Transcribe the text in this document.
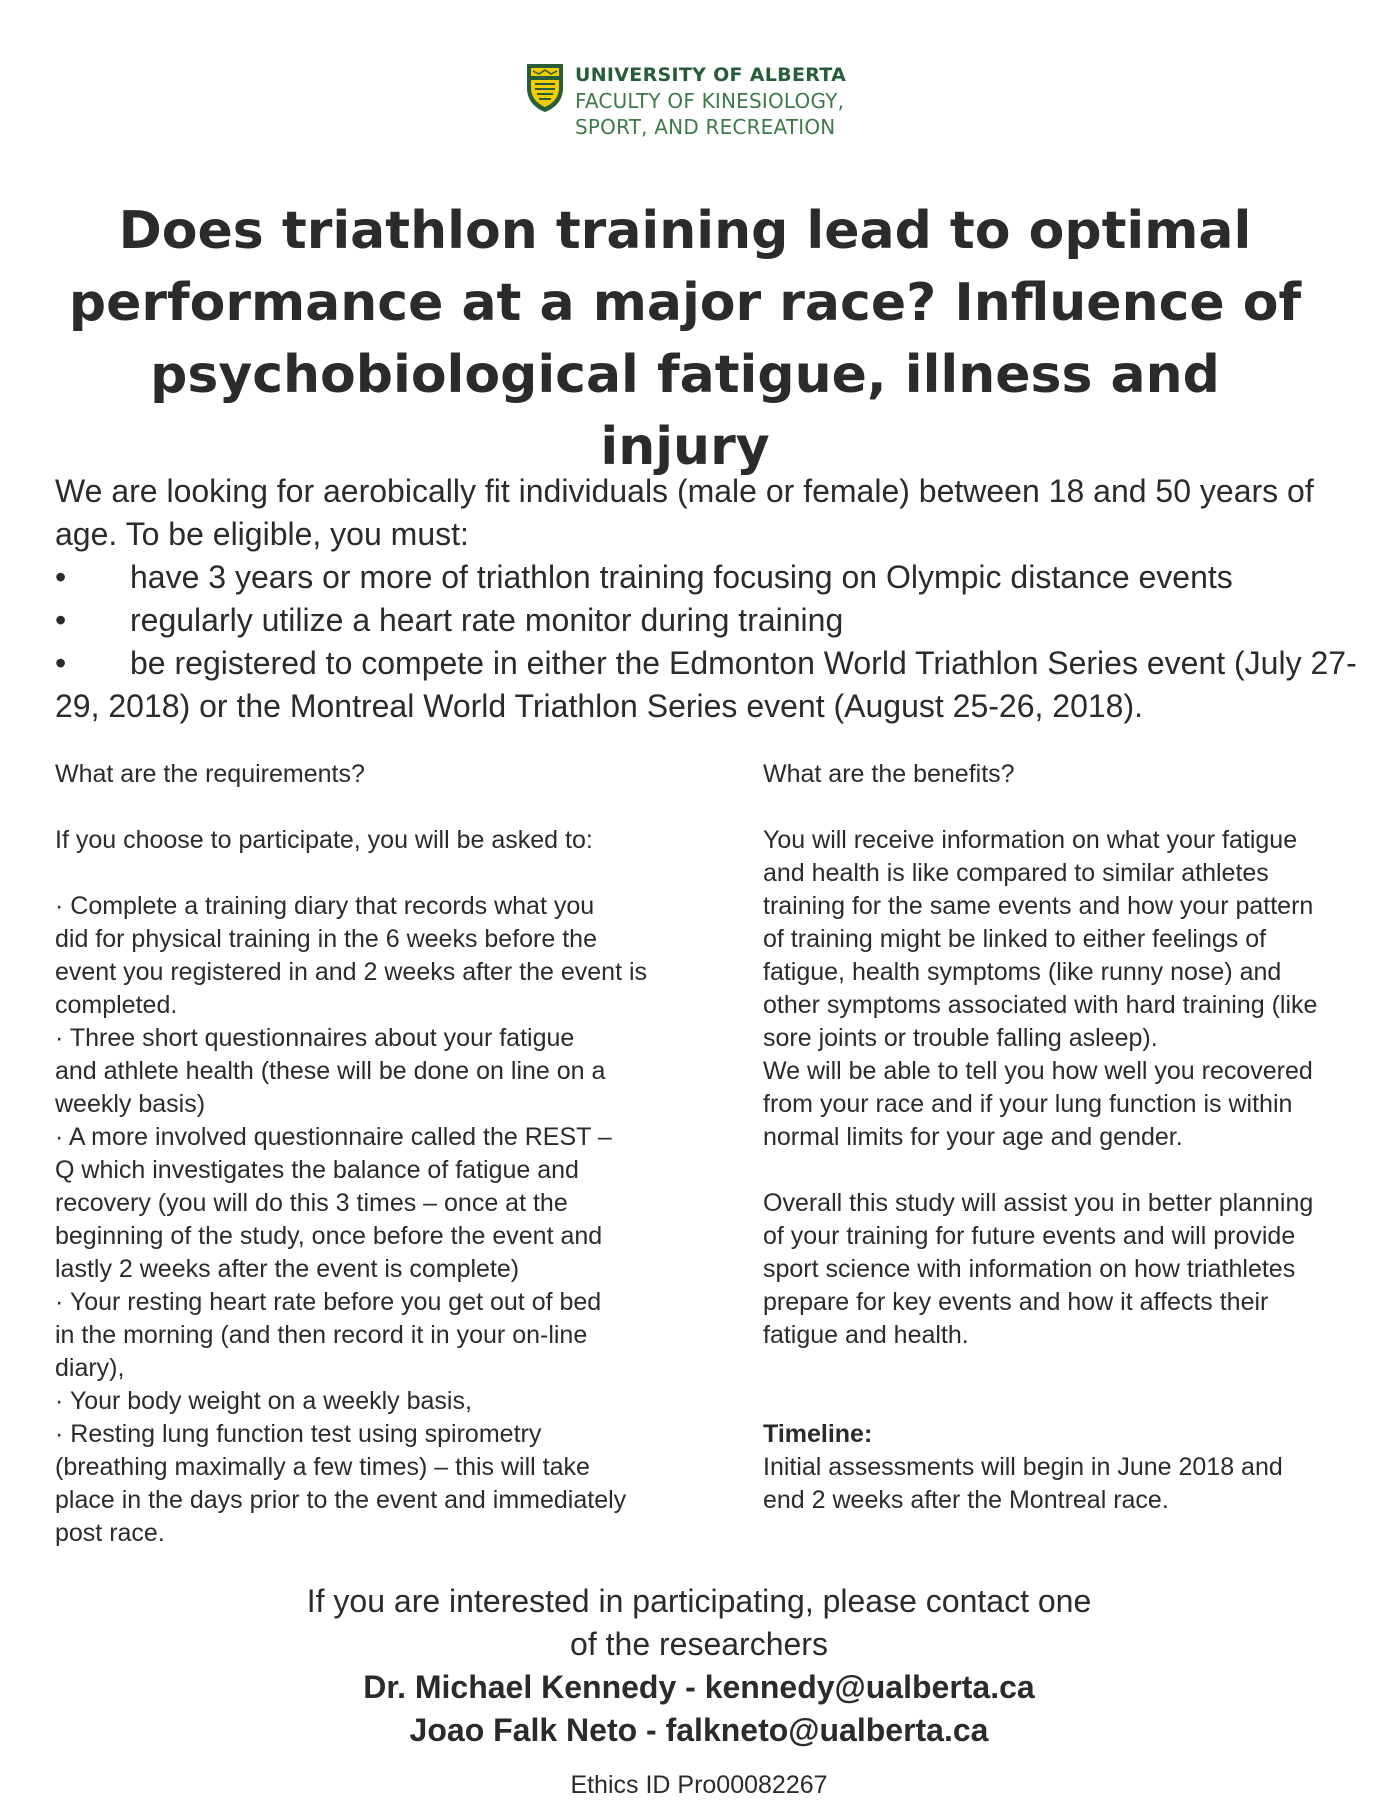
UNIVERSITY OF ALBERTA
FACULTY OF KINESIOLOGY,
SPORT, AND RECREATION
Does triathlon training lead to optimal
performance at a major race? Influence of
psychobiological fatigue, illness and injury
We are looking for aerobically fit individuals (male or female) between 18 and 50 years of
age. To be eligible, you must:
•	have 3 years or more of triathlon training focusing on Olympic distance events
•	regularly utilize a heart rate monitor during training
•	be registered to compete in either the Edmonton World Triathlon Series event (July 27-
29, 2018) or the Montreal World Triathlon Series event (August 25-26, 2018).
What are the requirements?
If you choose to participate, you will be asked to:
· Complete a training diary that records what you
did for physical training in the 6 weeks before the
event you registered in and 2 weeks after the event is
completed.
· Three short questionnaires about your fatigue
and athlete health (these will be done on line on a
weekly basis)
· A more involved questionnaire called the REST –
Q which investigates the balance of fatigue and
recovery (you will do this 3 times – once at the
beginning of the study, once before the event and
lastly 2 weeks after the event is complete)
· Your resting heart rate before you get out of bed
in the morning (and then record it in your on-line
diary),
· Your body weight on a weekly basis,
· Resting lung function test using spirometry
(breathing maximally a few times) – this will take
place in the days prior to the event and immediately
post race.
What are the benefits?
You will receive information on what your fatigue
and health is like compared to similar athletes
training for the same events and how your pattern
of training might be linked to either feelings of
fatigue, health symptoms (like runny nose) and
other symptoms associated with hard training (like
sore joints or trouble falling asleep).
We will be able to tell you how well you recovered
from your race and if your lung function is within
normal limits for your age and gender.
Overall this study will assist you in better planning
of your training for future events and will provide
sport science with information on how triathletes
prepare for key events and how it affects their
fatigue and health.
Timeline:
Initial assessments will begin in June 2018 and
end 2 weeks after the Montreal race.
If you are interested in participating, please contact one
of the researchers
Dr. Michael Kennedy - kennedy@ualberta.ca
Joao Falk Neto - falkneto@ualberta.ca
Ethics ID Pro00082267
